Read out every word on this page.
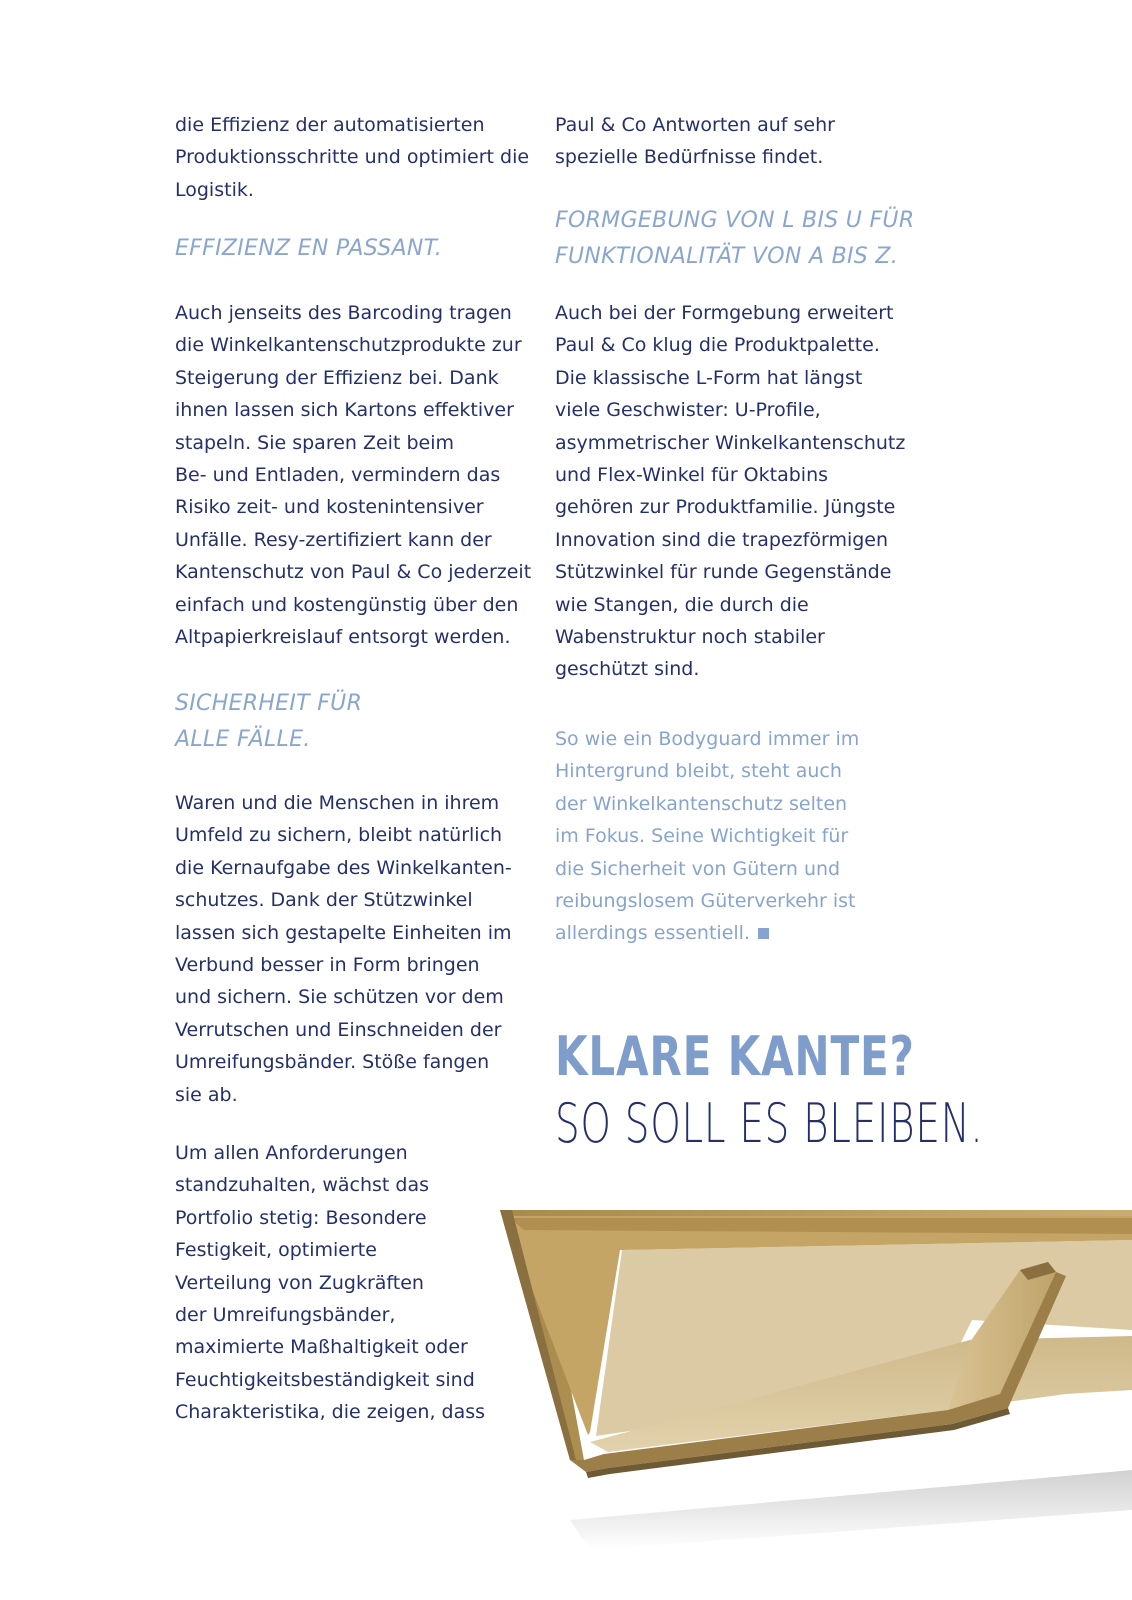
die Effizienz der automatisierten
Produktionsschritte und optimiert die
Logistik.
EFFIZIENZ EN PASSANT.
Auch jenseits des Barcoding tragen
die Winkelkantenschutzprodukte zur
Steigerung der Effizienz bei. Dank
ihnen lassen sich Kartons effektiver
stapeln. Sie sparen Zeit beim
Be- und Entladen, vermindern das
Risiko zeit- und kostenintensiver
Unfälle. Resy-zertifiziert kann der
Kantenschutz von Paul & Co jederzeit
einfach und kostengünstig über den
Altpapierkreislauf entsorgt werden.
SICHERHEIT FÜR
ALLE FÄLLE.
Waren und die Menschen in ihrem
Umfeld zu sichern, bleibt natürlich
die Kernaufgabe des Winkelkanten-
schutzes. Dank der Stützwinkel
lassen sich gestapelte Einheiten im
Verbund besser in Form bringen
und sichern. Sie schützen vor dem
Verrutschen und Einschneiden der
Umreifungsbänder. Stöße fangen
sie ab.
Um allen Anforderungen
standzuhalten, wächst das
Portfolio stetig: Besondere
Festigkeit, optimierte
Verteilung von Zugkräften
der Umreifungsbänder,
maximierte Maßhaltigkeit oder
Feuchtigkeitsbeständigkeit sind
Charakteristika, die zeigen, dass
Paul & Co Antworten auf sehr
spezielle Bedürfnisse findet.
FORMGEBUNG VON L BIS U FÜR
FUNKTIONALITÄT VON A BIS Z.
Auch bei der Formgebung erweitert
Paul & Co klug die Produktpalette.
Die klassische L-Form hat längst
viele Geschwister: U-Profile,
asymmetrischer Winkelkantenschutz
und Flex-Winkel für Oktabins
gehören zur Produktfamilie. Jüngste
Innovation sind die trapezförmigen
Stützwinkel für runde Gegenstände
wie Stangen, die durch die
Wabenstruktur noch stabiler
geschützt sind.
So wie ein Bodyguard immer im
Hintergrund bleibt, steht auch
der Winkelkantenschutz selten
im Fokus. Seine Wichtigkeit für
die Sicherheit von Gütern und
reibungslosem Güterverkehr ist
allerdings essentiell.
KLARE KANTE?
SO SOLL ES BLEIBEN.
